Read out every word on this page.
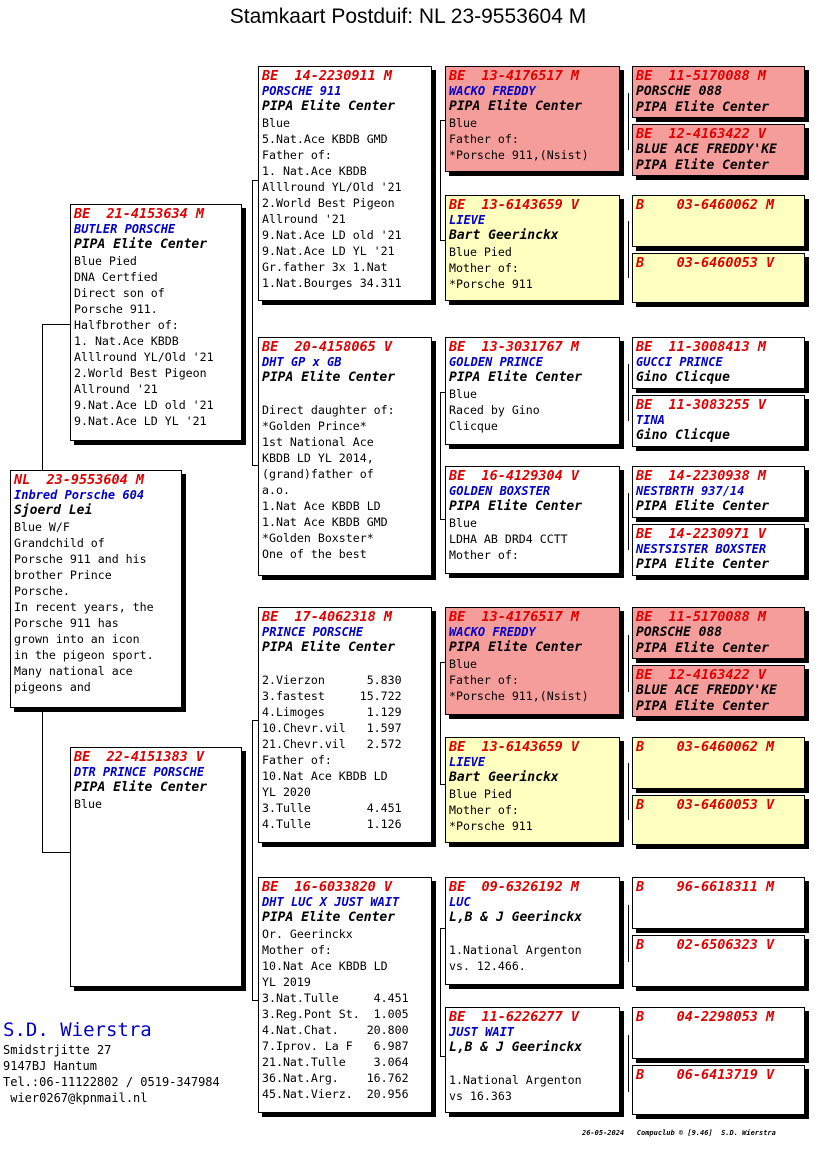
Stamkaart Postduif: NL 23-9553604 M
NL  23-9553604 M
Inbred Porsche 604
Sjoerd Lei
Blue W/F
Grandchild of
Porsche 911 and his
brother Prince
Porsche.
In recent years, the
Porsche 911 has
grown into an icon
in the pigeon sport.
Many national ace
pigeons and
BE  21-4153634 M
BUTLER PORSCHE
PIPA Elite Center
Blue Pied
DNA Certfied
Direct son of
Porsche 911.
Halfbrother of:
1. Nat.Ace KBDB
Alllround YL/Old '21
2.World Best Pigeon
Allround '21
9.Nat.Ace LD old '21
9.Nat.Ace LD YL '21
BE  22-4151383 V
DTR PRINCE PORSCHE
PIPA Elite Center
Blue
BE  14-2230911 M
PORSCHE 911
PIPA Elite Center
Blue
5.Nat.Ace KBDB GMD
Father of:
1. Nat.Ace KBDB
Alllround YL/Old '21
2.World Best Pigeon
Allround '21
9.Nat.Ace LD old '21
9.Nat.Ace LD YL '21
Gr.father 3x 1.Nat
1.Nat.Bourges 34.311
BE  20-4158065 V
DHT GP x GB
PIPA Elite Center

Direct daughter of:
*Golden Prince*
1st National Ace
KBDB LD YL 2014,
(grand)father of
a.o.
1.Nat Ace KBDB LD
1.Nat Ace KBDB GMD
*Golden Boxster*
One of the best
BE  17-4062318 M
PRINCE PORSCHE
PIPA Elite Center

2.Vierzon      5.830
3.fastest     15.722
4.Limoges      1.129
10.Chevr.vil   1.597
21.Chevr.vil   2.572
Father of:
10.Nat Ace KBDB LD
YL 2020
3.Tulle        4.451
4.Tulle        1.126
BE  16-6033820 V
DHT LUC X JUST WAIT
PIPA Elite Center
Or. Geerinckx
Mother of:
10.Nat Ace KBDB LD
YL 2019
3.Nat.Tulle     4.451
3.Reg.Pont St.  1.005
4.Nat.Chat.    20.800
7.Iprov. La F   6.987
21.Nat.Tulle    3.064
36.Nat.Arg.    16.762
45.Nat.Vierz.  20.956
BE  13-4176517 M
WACKO FREDDY
PIPA Elite Center
Blue
Father of:
*Porsche 911,(Nsist)
BE  13-6143659 V
LIEVE
Bart Geerinckx
Blue Pied
Mother of:
*Porsche 911
BE  13-3031767 M
GOLDEN PRINCE
PIPA Elite Center
Blue
Raced by Gino
Clicque
BE  16-4129304 V
GOLDEN BOXSTER
PIPA Elite Center
Blue
LDHA AB DRD4 CCTT
Mother of:
BE  13-4176517 M
WACKO FREDDY
PIPA Elite Center
Blue
Father of:
*Porsche 911,(Nsist)
BE  13-6143659 V
LIEVE
Bart Geerinckx
Blue Pied
Mother of:
*Porsche 911
BE  09-6326192 M
LUC
L,B & J Geerinckx

1.National Argenton
vs. 12.466.
BE  11-6226277 V
JUST WAIT
L,B & J Geerinckx

1.National Argenton
vs 16.363
BE  11-5170088 M
PORSCHE 088
PIPA Elite Center
BE  12-4163422 V
BLUE ACE FREDDY'KE
PIPA Elite Center
B    03-6460062 M
B    03-6460053 V
BE  11-3008413 M
GUCCI PRINCE
Gino Clicque
BE  11-3083255 V
TINA
Gino Clicque
BE  14-2230938 M
NESTBRTH 937/14
PIPA Elite Center
BE  14-2230971 V
NESTSISTER BOXSTER
PIPA Elite Center
BE  11-5170088 M
PORSCHE 088
PIPA Elite Center
BE  12-4163422 V
BLUE ACE FREDDY'KE
PIPA Elite Center
B    03-6460062 M
B    03-6460053 V
B    96-6618311 M
B    02-6506323 V
B    04-2298053 M
B    06-6413719 V
S.D. Wierstra
Smidstrjitte 27
9147BJ Hantum
Tel.:06-11122802 / 0519-347984
wier0267@kpnmail.nl
26-05-2024   Compuclub © [9.46]  S.D. Wierstra
